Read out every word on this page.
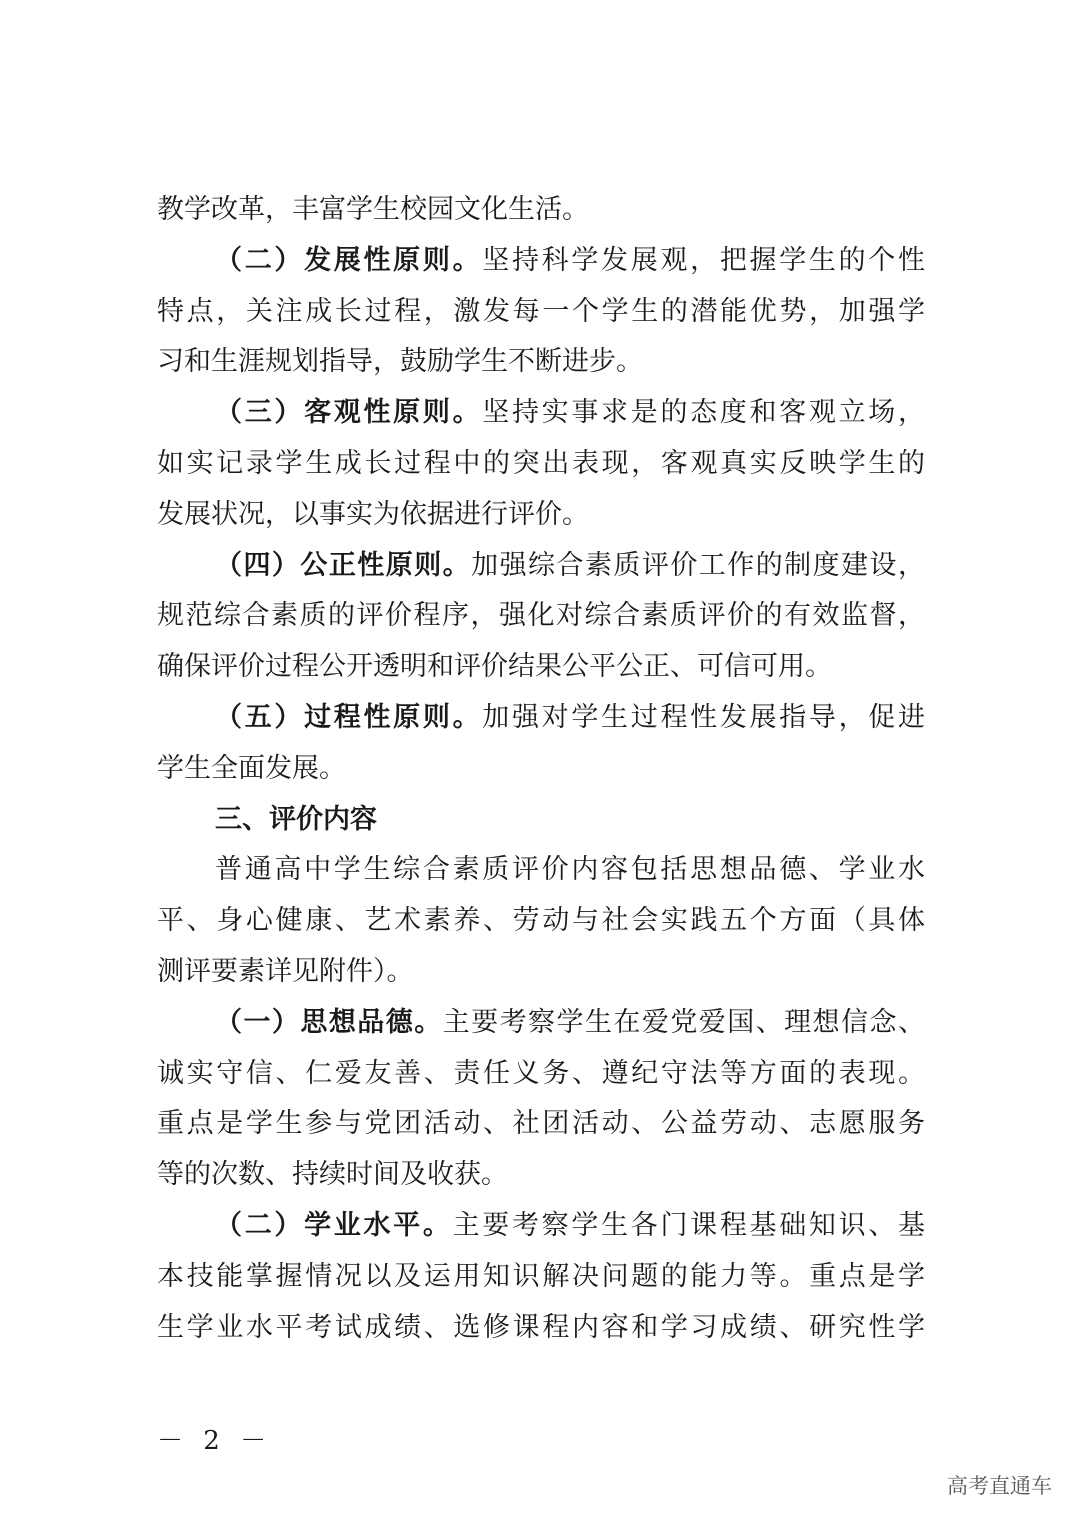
教学改革，丰富学生校园文化生活。
（二）发展性原则。坚持科学发展观，把握学生的个性
特点，关注成长过程，激发每一个学生的潜能优势，加强学
习和生涯规划指导，鼓励学生不断进步。
（三）客观性原则。坚持实事求是的态度和客观立场，
如实记录学生成长过程中的突出表现，客观真实反映学生的
发展状况，以事实为依据进行评价。
（四）公正性原则。加强综合素质评价工作的制度建设，
规范综合素质的评价程序，强化对综合素质评价的有效监督，
确保评价过程公开透明和评价结果公平公正、可信可用。
（五）过程性原则。加强对学生过程性发展指导，促进
学生全面发展。
三、评价内容
普通高中学生综合素质评价内容包括思想品德、学业水
平、身心健康、艺术素养、劳动与社会实践五个方面（具体
测评要素详见附件）。
（一）思想品德。主要考察学生在爱党爱国、理想信念、
诚实守信、仁爱友善、责任义务、遵纪守法等方面的表现。
重点是学生参与党团活动、社团活动、公益劳动、志愿服务
等的次数、持续时间及收获。
（二）学业水平。主要考察学生各门课程基础知识、基
本技能掌握情况以及运用知识解决问题的能力等。重点是学
生学业水平考试成绩、选修课程内容和学习成绩、研究性学
－ 2 －
高考直通车
